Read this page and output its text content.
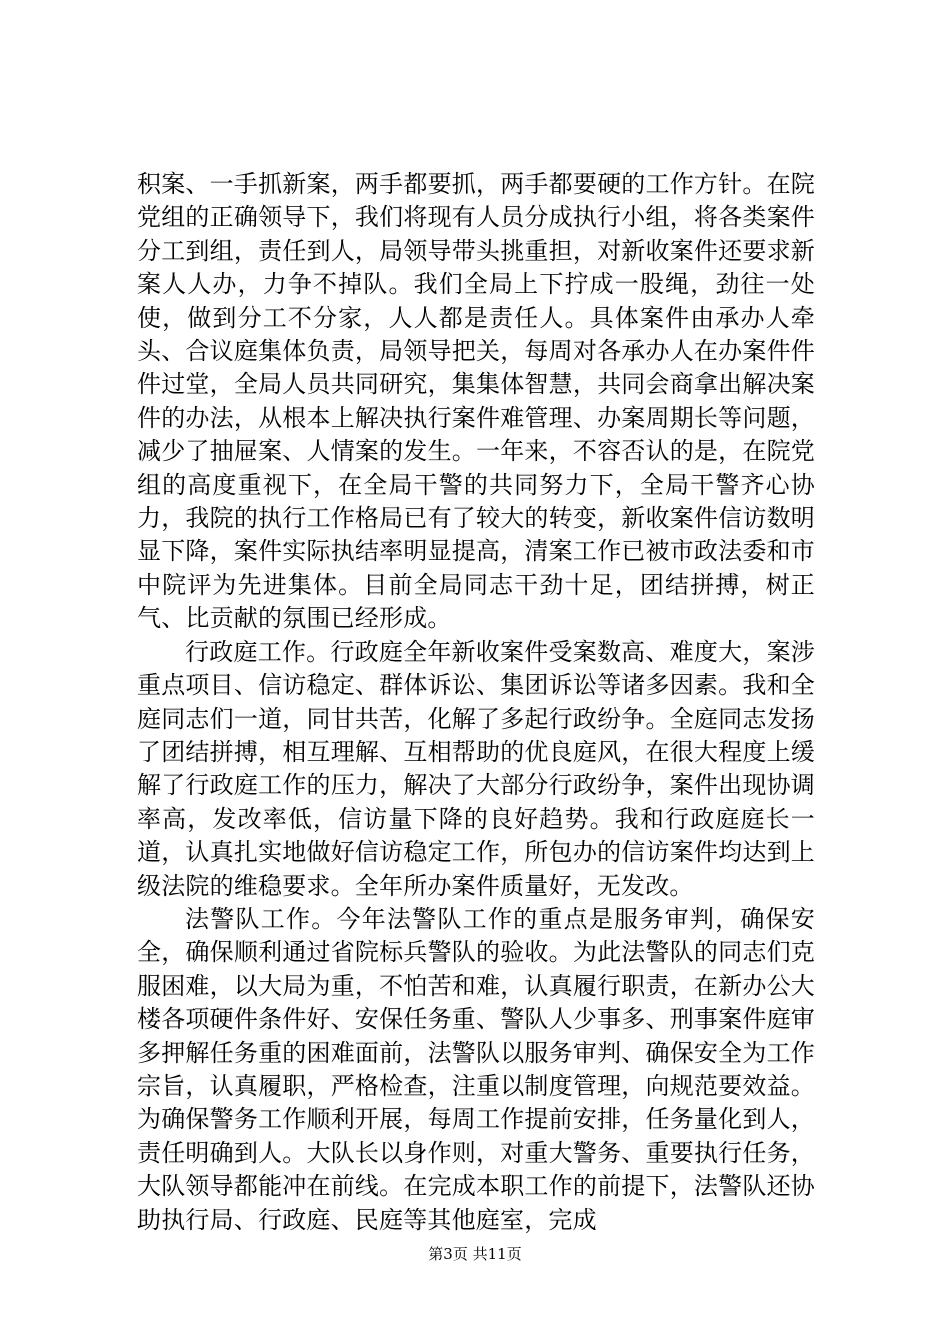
积案、一手抓新案，两手都要抓，两手都要硬的工作方针。在院党组的正确领导下，我们将现有人员分成执行小组，将各类案件分工到组，责任到人，局领导带头挑重担，对新收案件还要求新案人人办，力争不掉队。我们全局上下拧成一股绳，劲往一处使，做到分工不分家，人人都是责任人。具体案件由承办人牵头、合议庭集体负责，局领导把关，每周对各承办人在办案件件件过堂，全局人员共同研究，集集体智慧，共同会商拿出解决案件的办法，从根本上解决执行案件难管理、办案周期长等问题，减少了抽屉案、人情案的发生。一年来，不容否认的是，在院党组的高度重视下，在全局干警的共同努力下，全局干警齐心协力，我院的执行工作格局已有了较大的转变，新收案件信访数明显下降，案件实际执结率明显提高，清案工作已被市政法委和市中院评为先进集体。目前全局同志干劲十足，团结拼搏，树正气、比贡献的氛围已经形成。

行政庭工作。行政庭全年新收案件受案数高、难度大，案涉重点项目、信访稳定、群体诉讼、集团诉讼等诸多因素。我和全庭同志们一道，同甘共苦，化解了多起行政纷争。全庭同志发扬了团结拼搏，相互理解、互相帮助的优良庭风，在很大程度上缓解了行政庭工作的压力，解决了大部分行政纷争，案件出现协调率高，发改率低，信访量下降的良好趋势。我和行政庭庭长一道，认真扎实地做好信访稳定工作，所包办的信访案件均达到上级法院的维稳要求。全年所办案件质量好，无发改。

法警队工作。今年法警队工作的重点是服务审判，确保安全，确保顺利通过省院标兵警队的验收。为此法警队的同志们克服困难，以大局为重，不怕苦和难，认真履行职责，在新办公大楼各项硬件条件好、安保任务重、警队人少事多、刑事案件庭审多押解任务重的困难面前，法警队以服务审判、确保安全为工作宗旨，认真履职，严格检查，注重以制度管理，向规范要效益。为确保警务工作顺利开展，每周工作提前安排，任务量化到人，责任明确到人。大队长以身作则，对重大警务、重要执行任务，大队领导都能冲在前线。在完成本职工作的前提下，法警队还协助执行局、行政庭、民庭等其他庭室，完成

第3页 共11页
